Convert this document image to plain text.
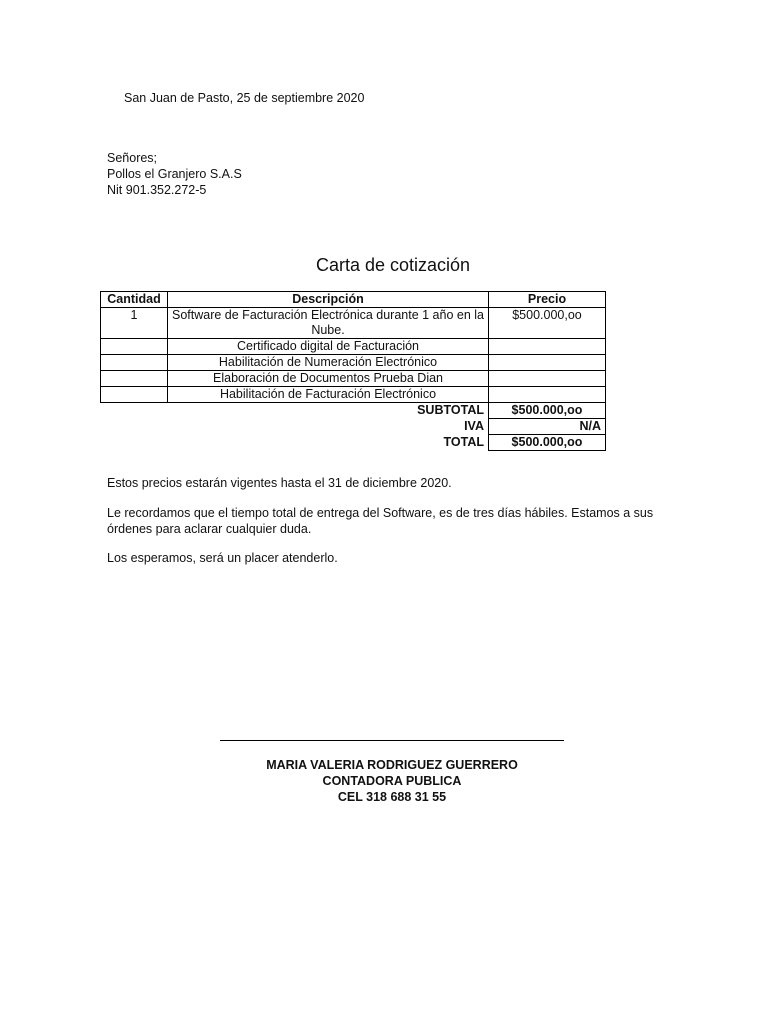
San Juan de Pasto, 25 de septiembre 2020
Señores;
Pollos el Granjero S.A.S
Nit 901.352.272-5
Carta de cotización
Cantidad	Descripción	Precio
1	Software de Facturación Electrónica durante 1 año en la Nube.	$500.000,oo
	Certificado digital de Facturación	
	Habilitación de Numeración Electrónico	
	Elaboración de Documentos Prueba Dian	
	Habilitación de Facturación Electrónico	
SUBTOTAL		$500.000,oo
IVA		N/A
TOTAL		$500.000,oo
Estos precios estarán vigentes hasta el 31 de diciembre 2020.
Le recordamos que el tiempo total de entrega del Software, es de tres días hábiles. Estamos a sus órdenes para aclarar cualquier duda.
Los esperamos, será un placer atenderlo.
MARIA VALERIA RODRIGUEZ GUERRERO
CONTADORA PUBLICA
CEL 318 688 31 55
